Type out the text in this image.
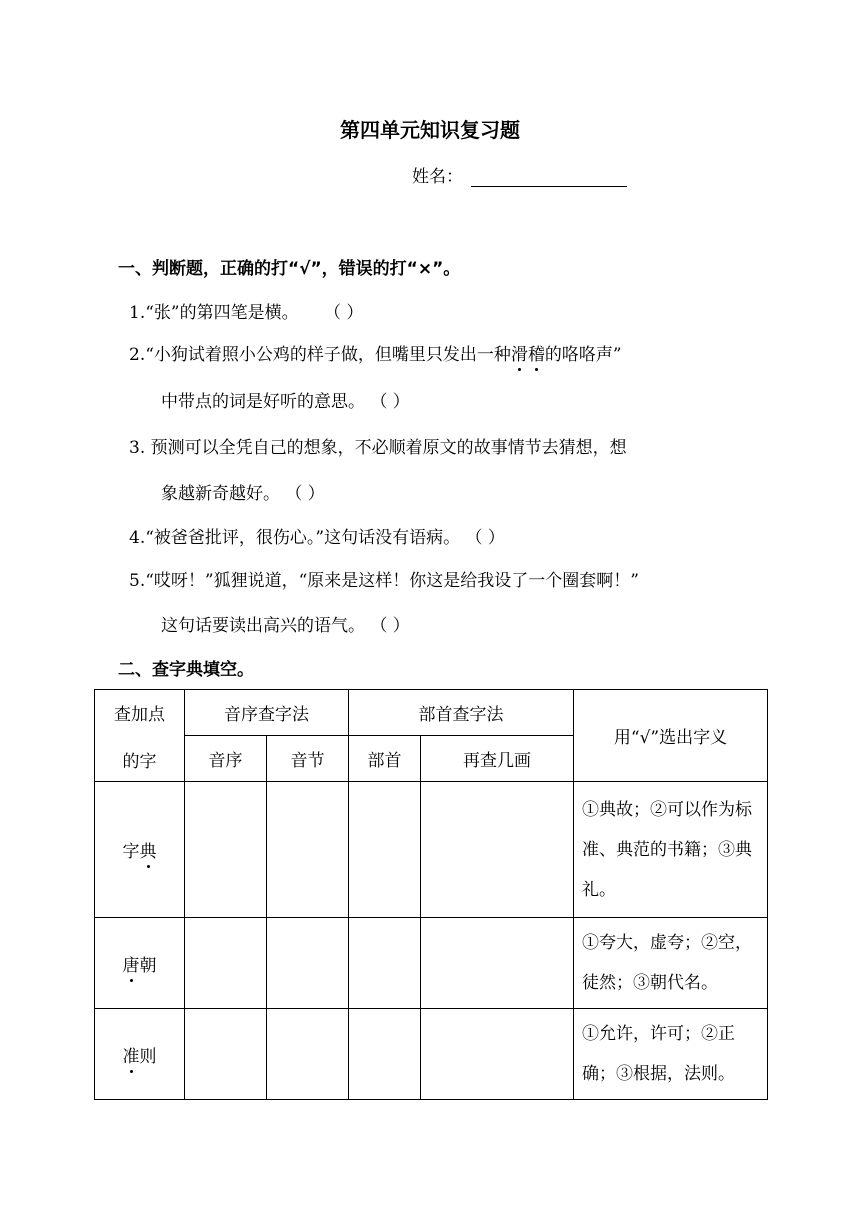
第四单元知识复习题
姓名：
一、判断题，正确的打“√”，错误的打“×”。
1.“张”的第四笔是横。 （ ）
2.“小狗试着照小公鸡的样子做，但嘴里只发出一种滑稽的咯咯声”
中带点的词是好听的意思。 （ ）
3. 预测可以全凭自己的想象，不必顺着原文的故事情节去猜想，想
象越新奇越好。 （ ）
4.“被爸爸批评，很伤心。”这句话没有语病。 （ ）
5.“哎呀！”狐狸说道，“原来是这样！你这是给我设了一个圈套啊！”
这句话要读出高兴的语气。 （ ）
二、查字典填空。
查加点
的字	音序查字法		部首查字法		用“√”选出字义
	音序	音节	部首	再查几画	
字典					①典故；②可以作为标准、典范的书籍；③典礼。
唐朝					①夸大，虚夸；②空，徒然；③朝代名。
准则					①允许，许可；②正确；③根据，法则。
